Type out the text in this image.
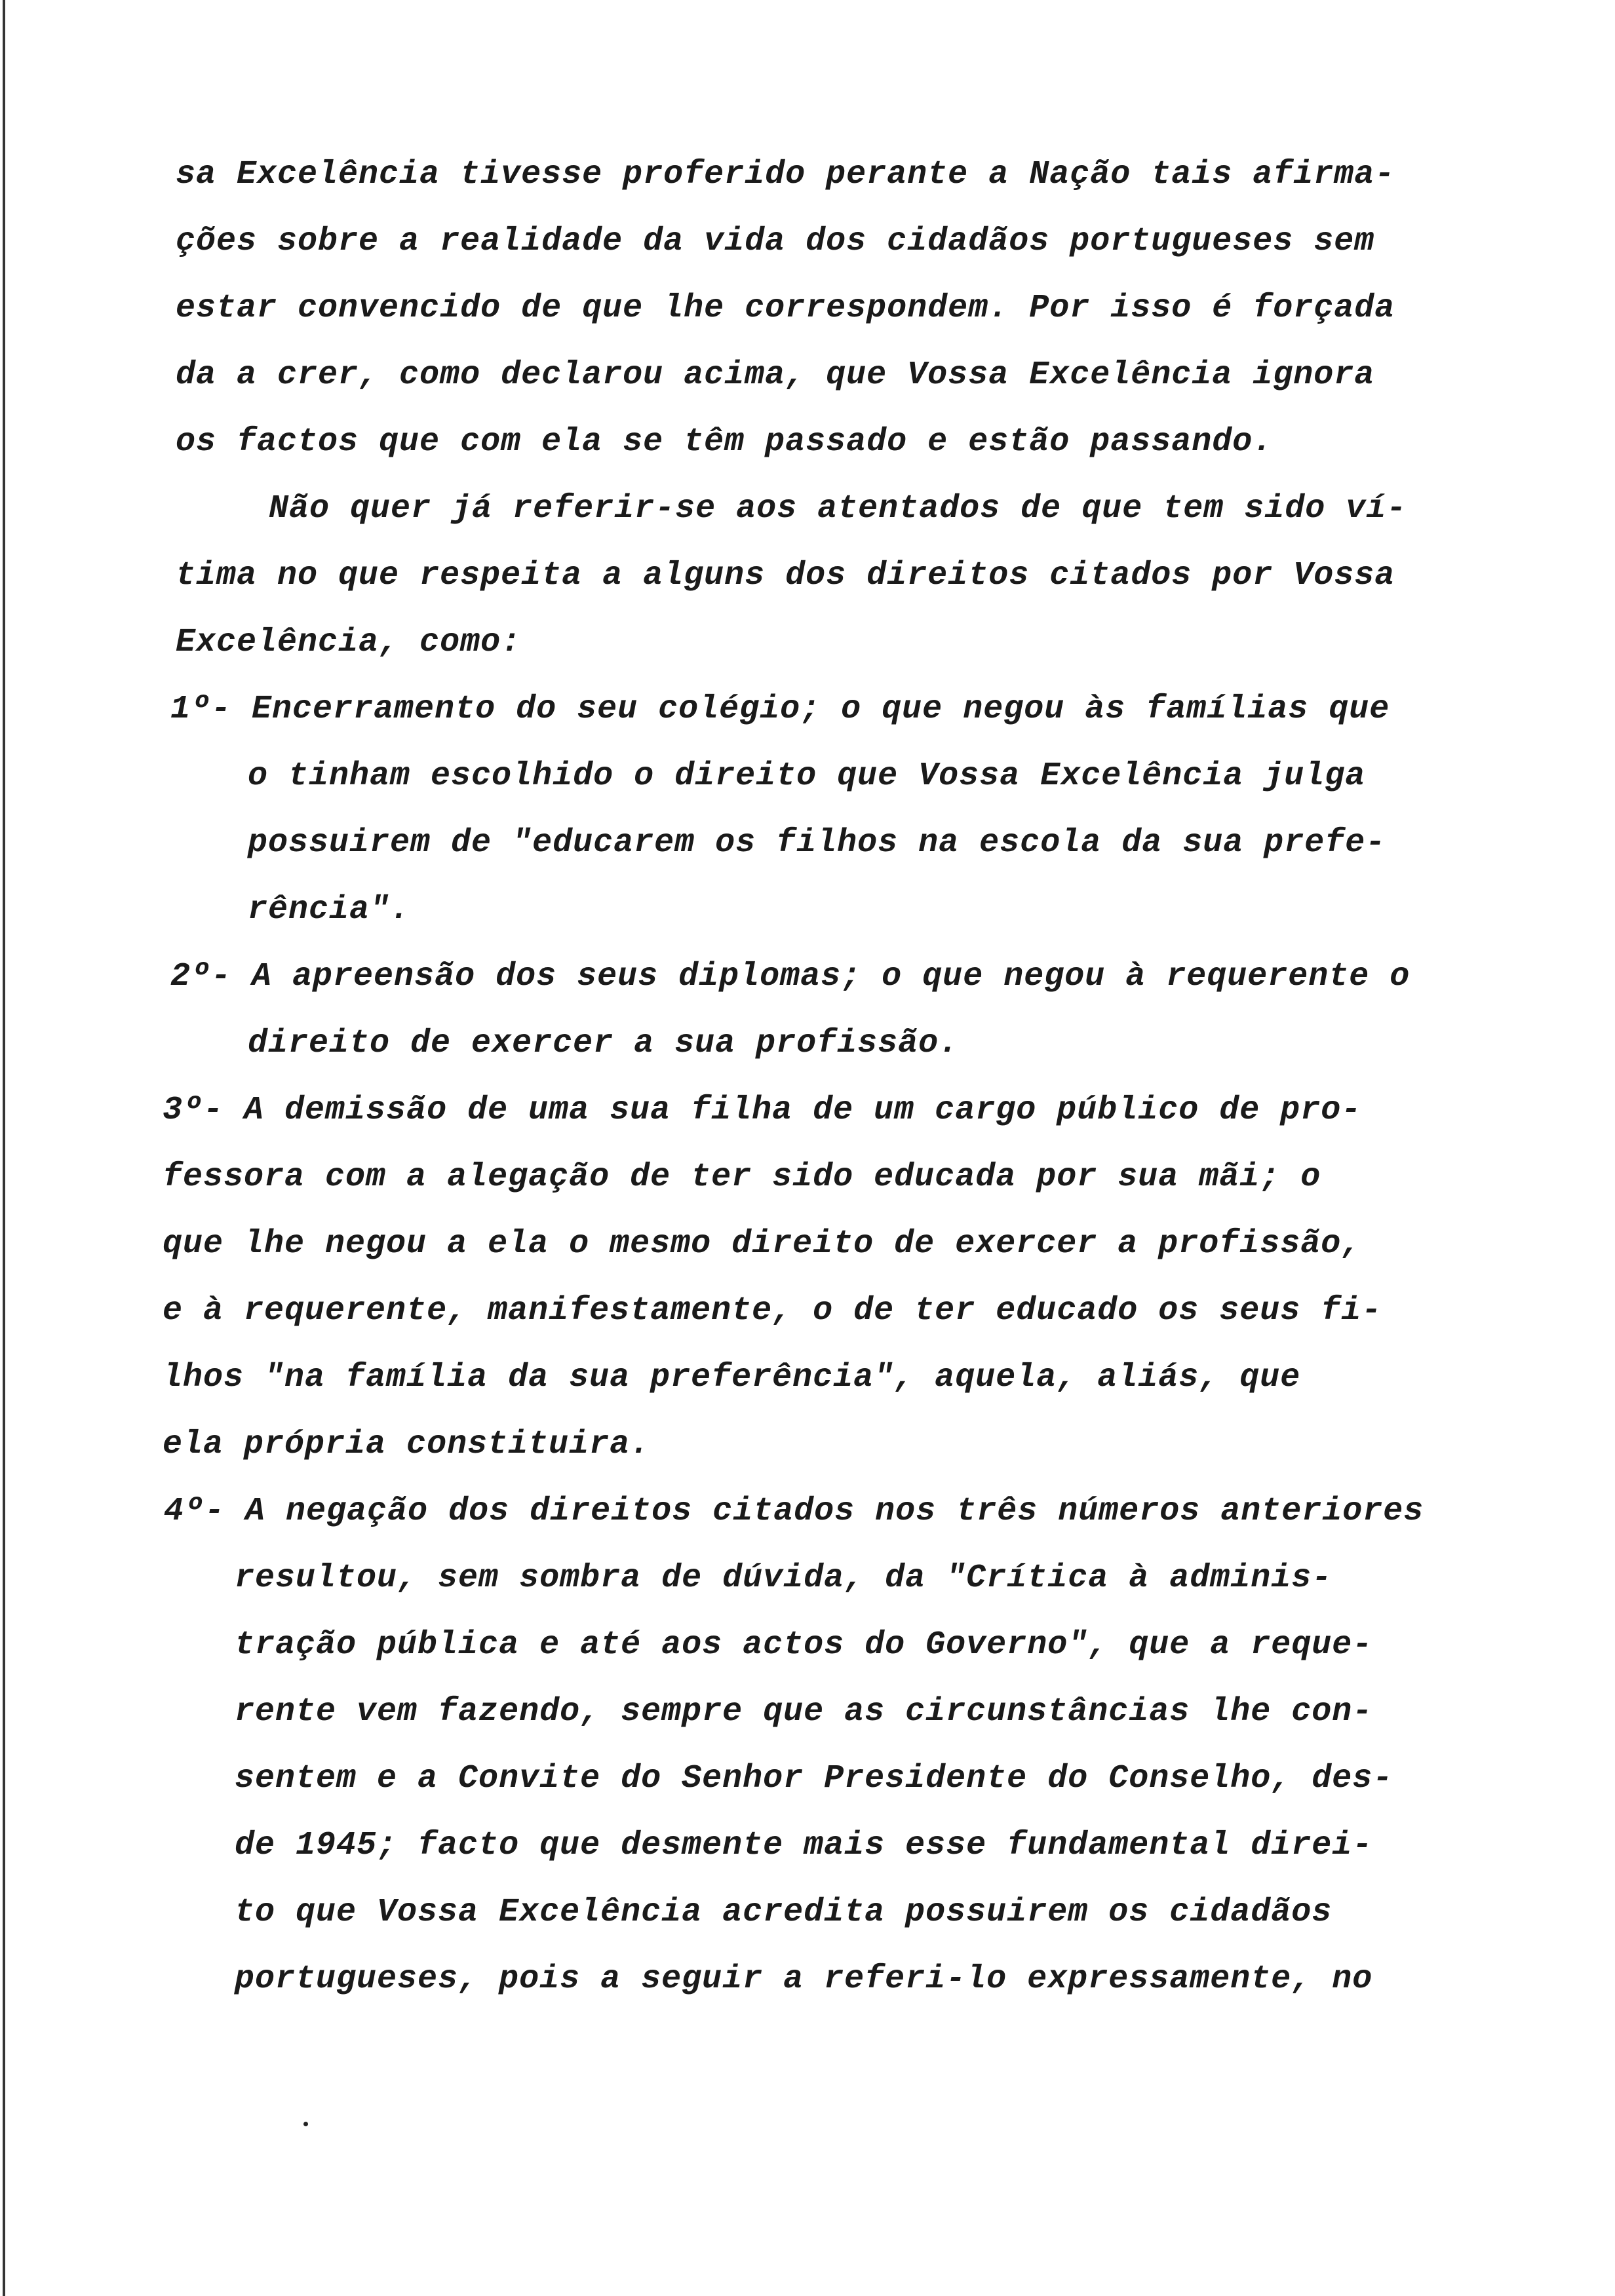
sa Excelência tivesse proferido perante a Nação tais afirma-
ções sobre a realidade da vida dos cidadãos portugueses sem
estar convencido de que lhe correspondem. Por isso é forçada
da a crer, como declarou acima, que Vossa Excelência ignora
os factos que com ela se têm passado e estão passando.
Não quer já referir-se aos atentados de que tem sido ví-
tima no que respeita a alguns dos direitos citados por Vossa
Excelência, como:
1º- Encerramento do seu colégio; o que negou às famílias que
o tinham escolhido o direito que Vossa Excelência julga
possuirem de "educarem os filhos na escola da sua prefe-
rência".
2º- A apreensão dos seus diplomas; o que negou à requerente o
direito de exercer a sua profissão.
3º- A demissão de uma sua filha de um cargo público de pro-
fessora com a alegação de ter sido educada por sua mãi; o
que lhe negou a ela o mesmo direito de exercer a profissão,
e à requerente, manifestamente, o de ter educado os seus fi-
lhos "na família da sua preferência", aquela, aliás, que
ela própria constituira.
4º- A negação dos direitos citados nos três números anteriores
resultou, sem sombra de dúvida, da "Crítica à adminis-
tração pública e até aos actos do Governo", que a reque-
rente vem fazendo, sempre que as circunstâncias lhe con-
sentem e a Convite do Senhor Presidente do Conselho, des-
de 1945; facto que desmente mais esse fundamental direi-
to que Vossa Excelência acredita possuirem os cidadãos
portugueses, pois a seguir a referi-lo expressamente, no
